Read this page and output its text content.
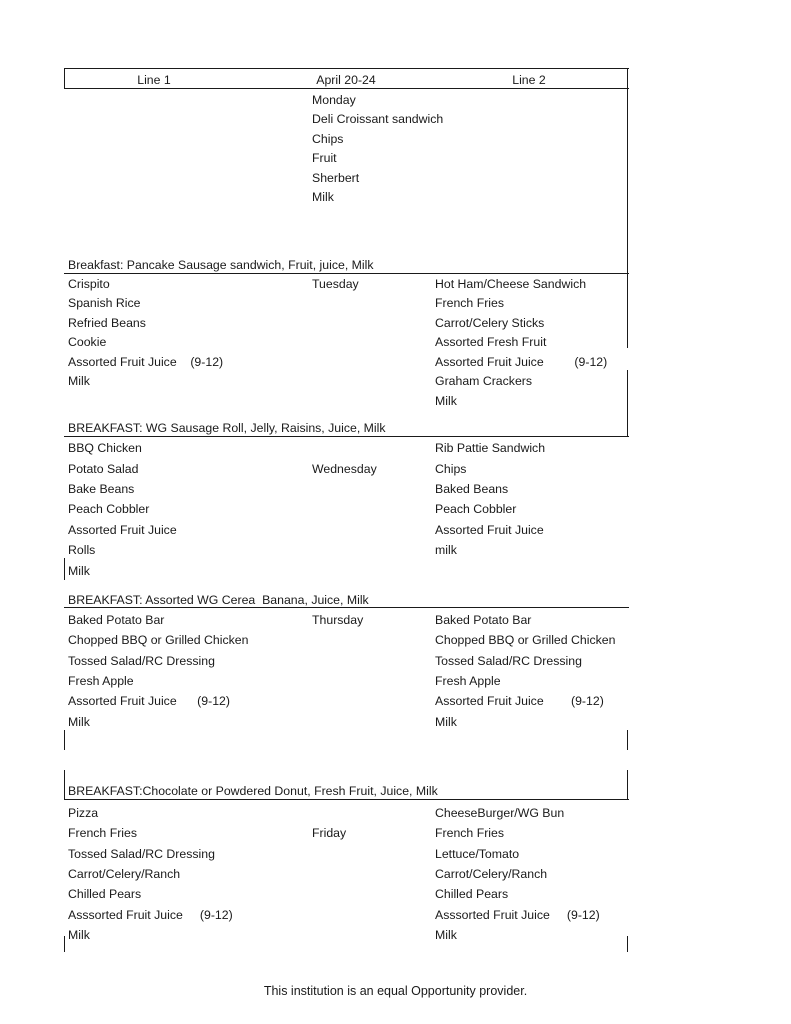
Line 1	April 20-24	Line 2
Monday
Deli Croissant sandwich
Chips
Fruit
Sherbert
Milk
Breakfast: Pancake Sausage sandwich, Fruit, juice, Milk
Tuesday
Crispito
Spanish Rice
Refried Beans
Cookie
Assorted Fruit Juice    (9-12)
Milk
Hot Ham/Cheese Sandwich
French Fries
Carrot/Celery Sticks
Assorted Fresh Fruit
Assorted Fruit Juice         (9-12)
Graham Crackers
Milk
BREAKFAST: WG Sausage Roll, Jelly, Raisins, Juice, Milk
Wednesday
BBQ Chicken
Potato Salad
Bake Beans
Peach Cobbler
Assorted Fruit Juice
Rolls
Milk
Rib Pattie Sandwich
Chips
Baked Beans
Peach Cobbler
Assorted Fruit Juice
milk
BREAKFAST: Assorted WG Cerea  Banana, Juice, Milk
Thursday
Baked Potato Bar
Chopped BBQ or Grilled Chicken
Tossed Salad/RC Dressing
Fresh Apple
Assorted Fruit Juice      (9-12)
Milk
Baked Potato Bar
Chopped BBQ or Grilled Chicken
Tossed Salad/RC Dressing
Fresh Apple
Assorted Fruit Juice        (9-12)
Milk
BREAKFAST:Chocolate or Powdered Donut, Fresh Fruit, Juice, Milk
Friday
Pizza
French Fries
Tossed Salad/RC Dressing
Carrot/Celery/Ranch
Chilled Pears
Asssorted Fruit Juice     (9-12)
Milk
CheeseBurger/WG Bun
French Fries
Lettuce/Tomato
Carrot/Celery/Ranch
Chilled Pears
Asssorted Fruit Juice     (9-12)
Milk
This institution is an equal Opportunity provider.
